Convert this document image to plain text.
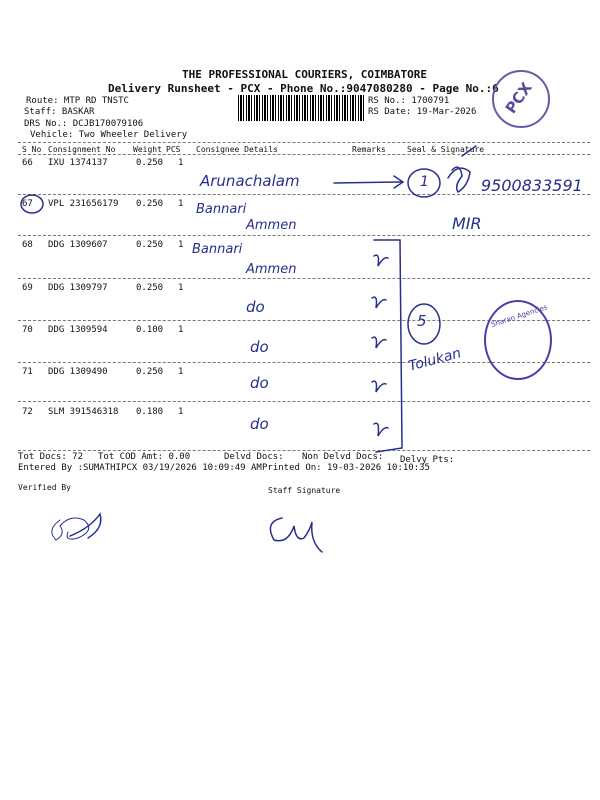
THE PROFESSIONAL COURIERS, COIMBATORE
Delivery Runsheet - PCX - Phone No.:9047080280 - Page No.:6
Route: MTP RD TNSTC
Staff: BASKAR
DRS No.: DCJB170079106
Vehicle: Two Wheeler Delivery
RS No.: 1700791
RS Date: 19-Mar-2026 PCX
S No Consignment No Weight PCS Consignee Details	Remarks	Seal & Signature
66 IXU 1374137	0.250 1
Arunachalam
67 VPL 231656179 0.250 1 Bannari
Ammen
68 DDG 1309607	0.250 1 Bannari
Ammen
69 DDG 1309797	0.250 1
do
70 DDG 1309594	0.100 1
do
71 DDG 1309490	0.250 1
do
72 SLM 391546318 0.180 1
do
9500833591
MIR
1
5
Tolukan
Sharan Agencies
Tot Docs: 72 Tot COD Amt: 0.00	Delvd Docs: Non Delvd Docs: Delvy Pts:
Entered By :SUMATHIPCX 03/19/2026 10:09:49 AM Printed On: 19-03-2026 10:10:35
Verified By	Staff Signature
